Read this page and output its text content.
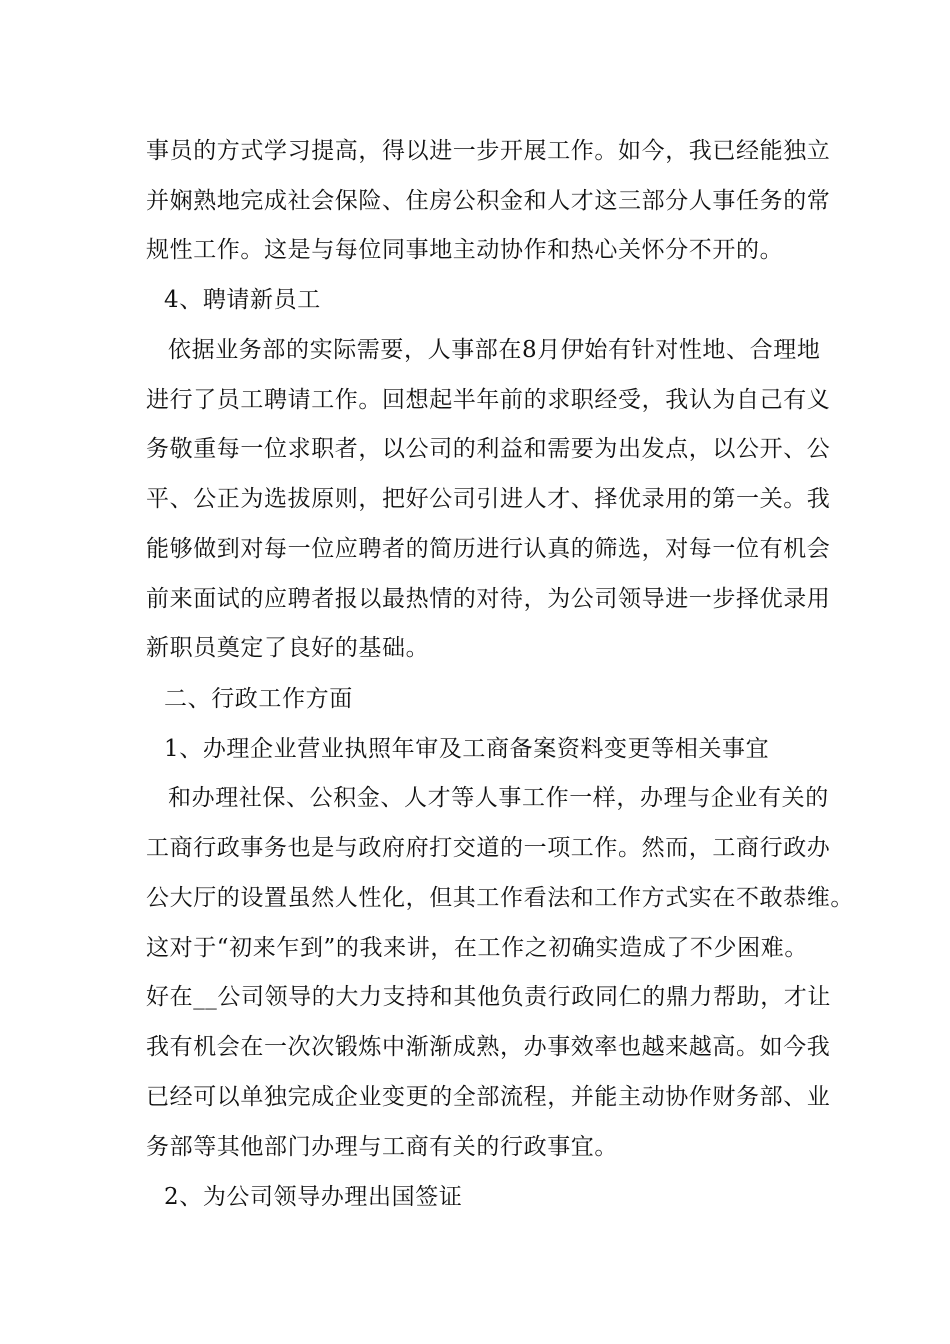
事员的方式学习提高，得以进一步开展工作。如今，我已经能独立
并娴熟地完成社会保险、住房公积金和人才这三部分人事任务的常
规性工作。这是与每位同事地主动协作和热心关怀分不开的。
4、聘请新员工
依据业务部的实际需要，人事部在8月伊始有针对性地、合理地
进行了员工聘请工作。回想起半年前的求职经受，我认为自己有义
务敬重每一位求职者，以公司的利益和需要为出发点，以公开、公
平、公正为选拔原则，把好公司引进人才、择优录用的第一关。我
能够做到对每一位应聘者的简历进行认真的筛选，对每一位有机会
前来面试的应聘者报以最热情的对待，为公司领导进一步择优录用
新职员奠定了良好的基础。
二、行政工作方面
1、办理企业营业执照年审及工商备案资料变更等相关事宜
和办理社保、公积金、人才等人事工作一样，办理与企业有关的
工商行政事务也是与政府府打交道的一项工作。然而，工商行政办
公大厅的设置虽然人性化，但其工作看法和工作方式实在不敢恭维。
这对于“初来乍到”的我来讲，在工作之初确实造成了不少困难。
好在__公司领导的大力支持和其他负责行政同仁的鼎力帮助，才让
我有机会在一次次锻炼中渐渐成熟，办事效率也越来越高。如今我
已经可以单独完成企业变更的全部流程，并能主动协作财务部、业
务部等其他部门办理与工商有关的行政事宜。
2、为公司领导办理出国签证
